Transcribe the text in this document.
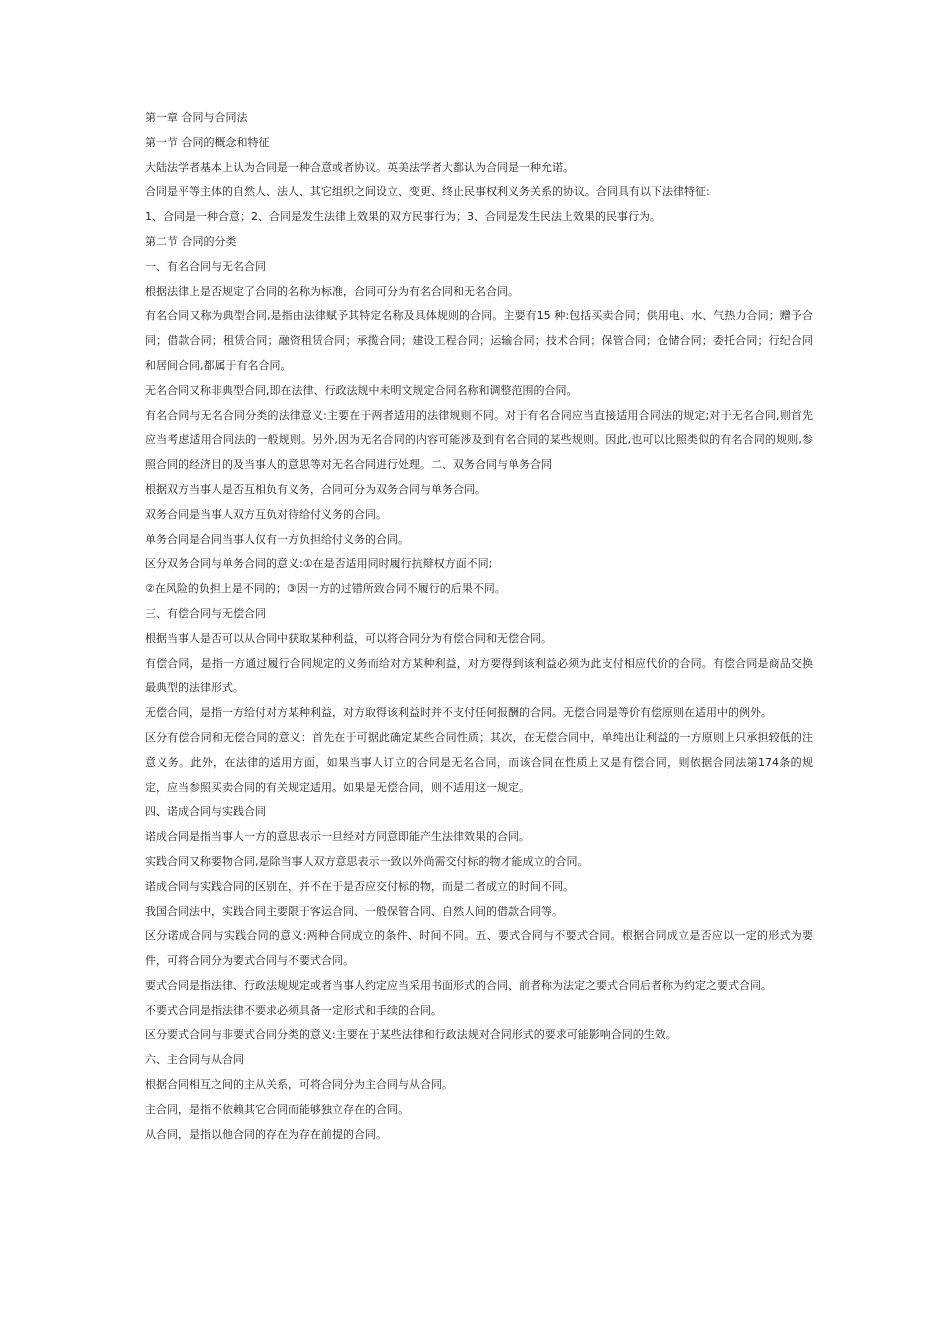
第一章 合同与合同法

第一节 合同的概念和特征

大陆法学者基本上认为合同是一种合意或者协议。英美法学者大都认为合同是一种允诺。

合同是平等主体的自然人、法人、其它组织之间设立、变更、终止民事权利义务关系的协议。合同具有以下法律特征:

1、合同是一种合意；2、合同是发生法律上效果的双方民事行为；3、合同是发生民法上效果的民事行为。

第二节 合同的分类

一、有名合同与无名合同

根据法律上是否规定了合同的名称为标准，合同可分为有名合同和无名合同。

有名合同又称为典型合同,是指由法律赋予其特定名称及具体规则的合同。主要有15 种:包括买卖合同；供用电、水、气热力合同；赠予合同；借款合同；租赁合同；融资租赁合同；承揽合同；建设工程合同；运输合同；技术合同；保管合同；仓储合同；委托合同；行纪合同和居间合同,都属于有名合同。

无名合同又称非典型合同,即在法律、行政法规中未明文规定合同名称和调整范围的合同。

有名合同与无名合同分类的法律意义:主要在于两者适用的法律规则不同。对于有名合同应当直接适用合同法的规定;对于无名合同,则首先应当考虑适用合同法的一般规则。另外,因为无名合同的内容可能涉及到有名合同的某些规则。因此,也可以比照类似的有名合同的规则,参照合同的经济目的及当事人的意思等对无名合同进行处理。二、双务合同与单务合同

根据双方当事人是否互相负有义务，合同可分为双务合同与单务合同。

双务合同是当事人双方互负对待给付义务的合同。

单务合同是合同当事人仅有一方负担给付义务的合同。

区分双务合同与单务合同的意义:①在是否适用同时履行抗辩权方面不同;

②在风险的负担上是不同的；③因一方的过错所致合同不履行的后果不同。

三、有偿合同与无偿合同

根据当事人是否可以从合同中获取某种利益，可以将合同分为有偿合同和无偿合同。

有偿合同，是指一方通过履行合同规定的义务而给对方某种利益，对方要得到该利益必须为此支付相应代价的合同。有偿合同是商品交换最典型的法律形式。

无偿合同，是指一方给付对方某种利益，对方取得该利益时并不支付任何报酬的合同。无偿合同是等价有偿原则在适用中的例外。

区分有偿合同和无偿合同的意义：首先在于可据此确定某些合同性质；其次，在无偿合同中，单纯出让利益的一方原则上只承担较低的注意义务。此外，在法律的适用方面，如果当事人订立的合同是无名合同，而该合同在性质上又是有偿合同，则依据合同法第174条的规定，应当参照买卖合同的有关规定适用。如果是无偿合同，则不适用这一规定。

四、诺成合同与实践合同

诺成合同是指当事人一方的意思表示一旦经对方同意即能产生法律效果的合同。

实践合同又称要物合同,是除当事人双方意思表示一致以外尚需交付标的物才能成立的合同。

诺成合同与实践合同的区别在，并不在于是否应交付标的物，而是二者成立的时间不同。

我国合同法中，实践合同主要限于客运合同、一般保管合同、自然人间的借款合同等。

区分诺成合同与实践合同的意义:两种合同成立的条件、时间不同。五、要式合同与不要式合同。根据合同成立是否应以一定的形式为要件，可将合同分为要式合同与不要式合同。

要式合同是指法律、行政法规规定或者当事人约定应当采用书面形式的合同、前者称为法定之要式合同后者称为约定之要式合同。

不要式合同是指法律不要求必须具备一定形式和手续的合同。

区分要式合同与非要式合同分类的意义:主要在于某些法律和行政法规对合同形式的要求可能影响合同的生效。

六、主合同与从合同

根据合同相互之间的主从关系，可将合同分为主合同与从合同。

主合同，是指不依赖其它合同而能够独立存在的合同。

从合同，是指以他合同的存在为存在前提的合同。
